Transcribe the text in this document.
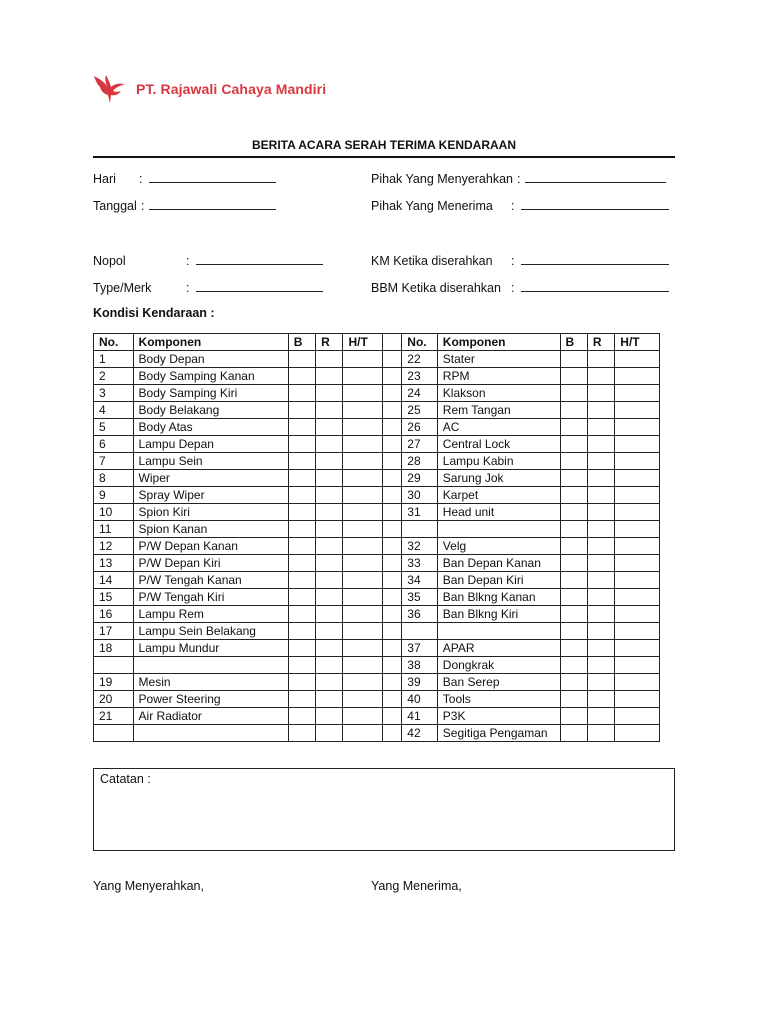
PT. Rajawali Cahaya Mandiri
BERITA ACARA SERAH TERIMA KENDARAAN
Hari	:
Tanggal :
Pihak Yang Menyerahkan :
Pihak Yang Menerima	:
Nopol	:
Type/Merk	:
KM Ketika diserahkan	:
BBM Ketika diserahkan :
Kondisi Kendaraan :
No.	Komponen	B	R	H/T		No.	Komponen	B	R	H/T
1	Body Depan					22	Stater			
2	Body Samping Kanan					23	RPM			
3	Body Samping Kiri					24	Klakson			
4	Body Belakang					25	Rem Tangan			
5	Body Atas					26	AC			
6	Lampu Depan					27	Central Lock			
7	Lampu Sein					28	Lampu Kabin			
8	Wiper					29	Sarung Jok			
9	Spray Wiper					30	Karpet			
10	Spion Kiri					31	Head unit			
11	Spion Kanan									
12	P/W Depan Kanan					32	Velg			
13	P/W Depan Kiri					33	Ban Depan Kanan			
14	P/W Tengah Kanan					34	Ban Depan Kiri			
15	P/W Tengah Kiri					35	Ban Blkng Kanan			
16	Lampu Rem					36	Ban Blkng Kiri			
17	Lampu Sein Belakang									
18	Lampu Mundur					37	APAR			
						38	Dongkrak			
19	Mesin					39	Ban Serep			
20	Power Steering					40	Tools			
21	Air Radiator					41	P3K			
						42	Segitiga Pengaman			
Catatan :
Yang Menyerahkan,	Yang Menerima,
